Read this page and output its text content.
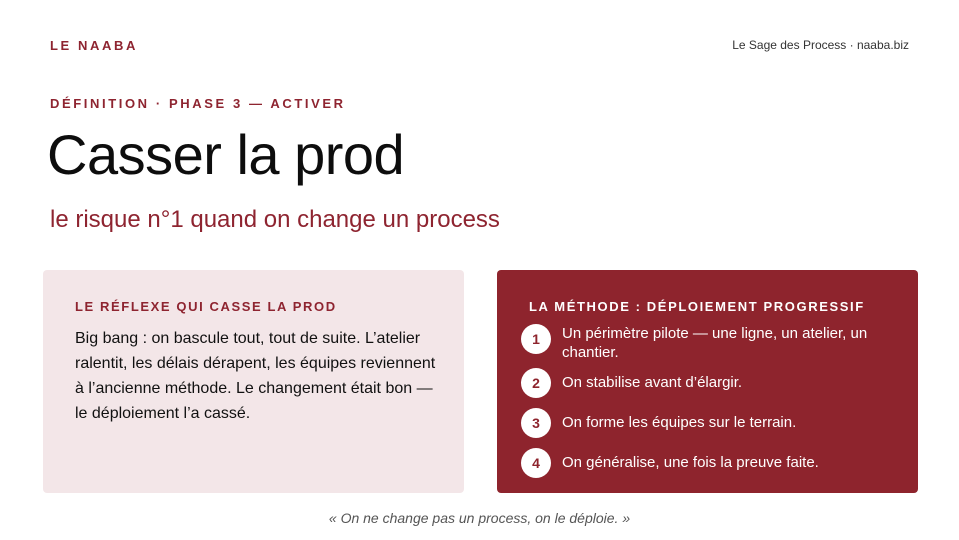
LE NAABA	Le Sage des Process · naaba.biz
DÉFINITION · PHASE 3 — ACTIVER
Casser la prod
le risque n°1 quand on change un process
LE RÉFLEXE QUI CASSE LA PROD
Big bang : on bascule tout, tout de suite. L’atelier ralentit, les délais dérapent, les équipes reviennent à l’ancienne méthode. Le changement était bon — le déploiement l’a cassé.
LA MÉTHODE : DÉPLOIEMENT PROGRESSIF
1	Un périmètre pilote — une ligne, un atelier, un chantier.
2	On stabilise avant d’élargir.
3	On forme les équipes sur le terrain.
4	On généralise, une fois la preuve faite.
« On ne change pas un process, on le déploie. »
